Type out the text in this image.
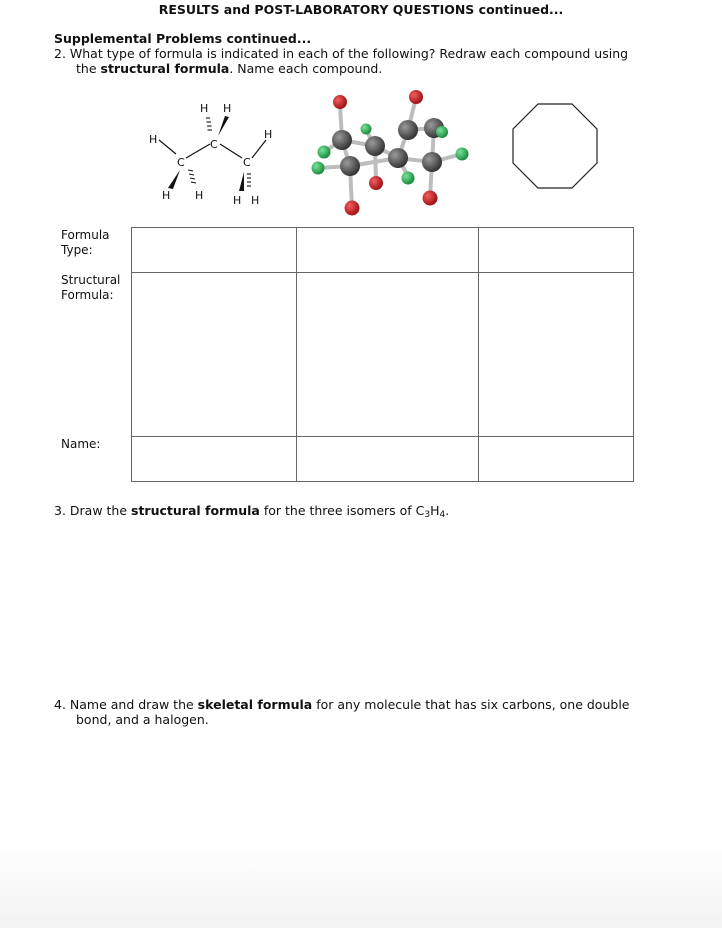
RESULTS and POST-LABORATORY QUESTIONS continued...
Supplemental Problems continued...
2. What type of formula is indicated in each of the following? Redraw each compound using
the structural formula. Name each compound.
H H
C
H
C
H
C
H H	H H
Formula
Type:
Structural
Formula:
Name:
3. Draw the structural formula for the three isomers of $C_3H_4$.
4. Name and draw the skeletal formula for any molecule that has six carbons, one double
bond, and a halogen.
